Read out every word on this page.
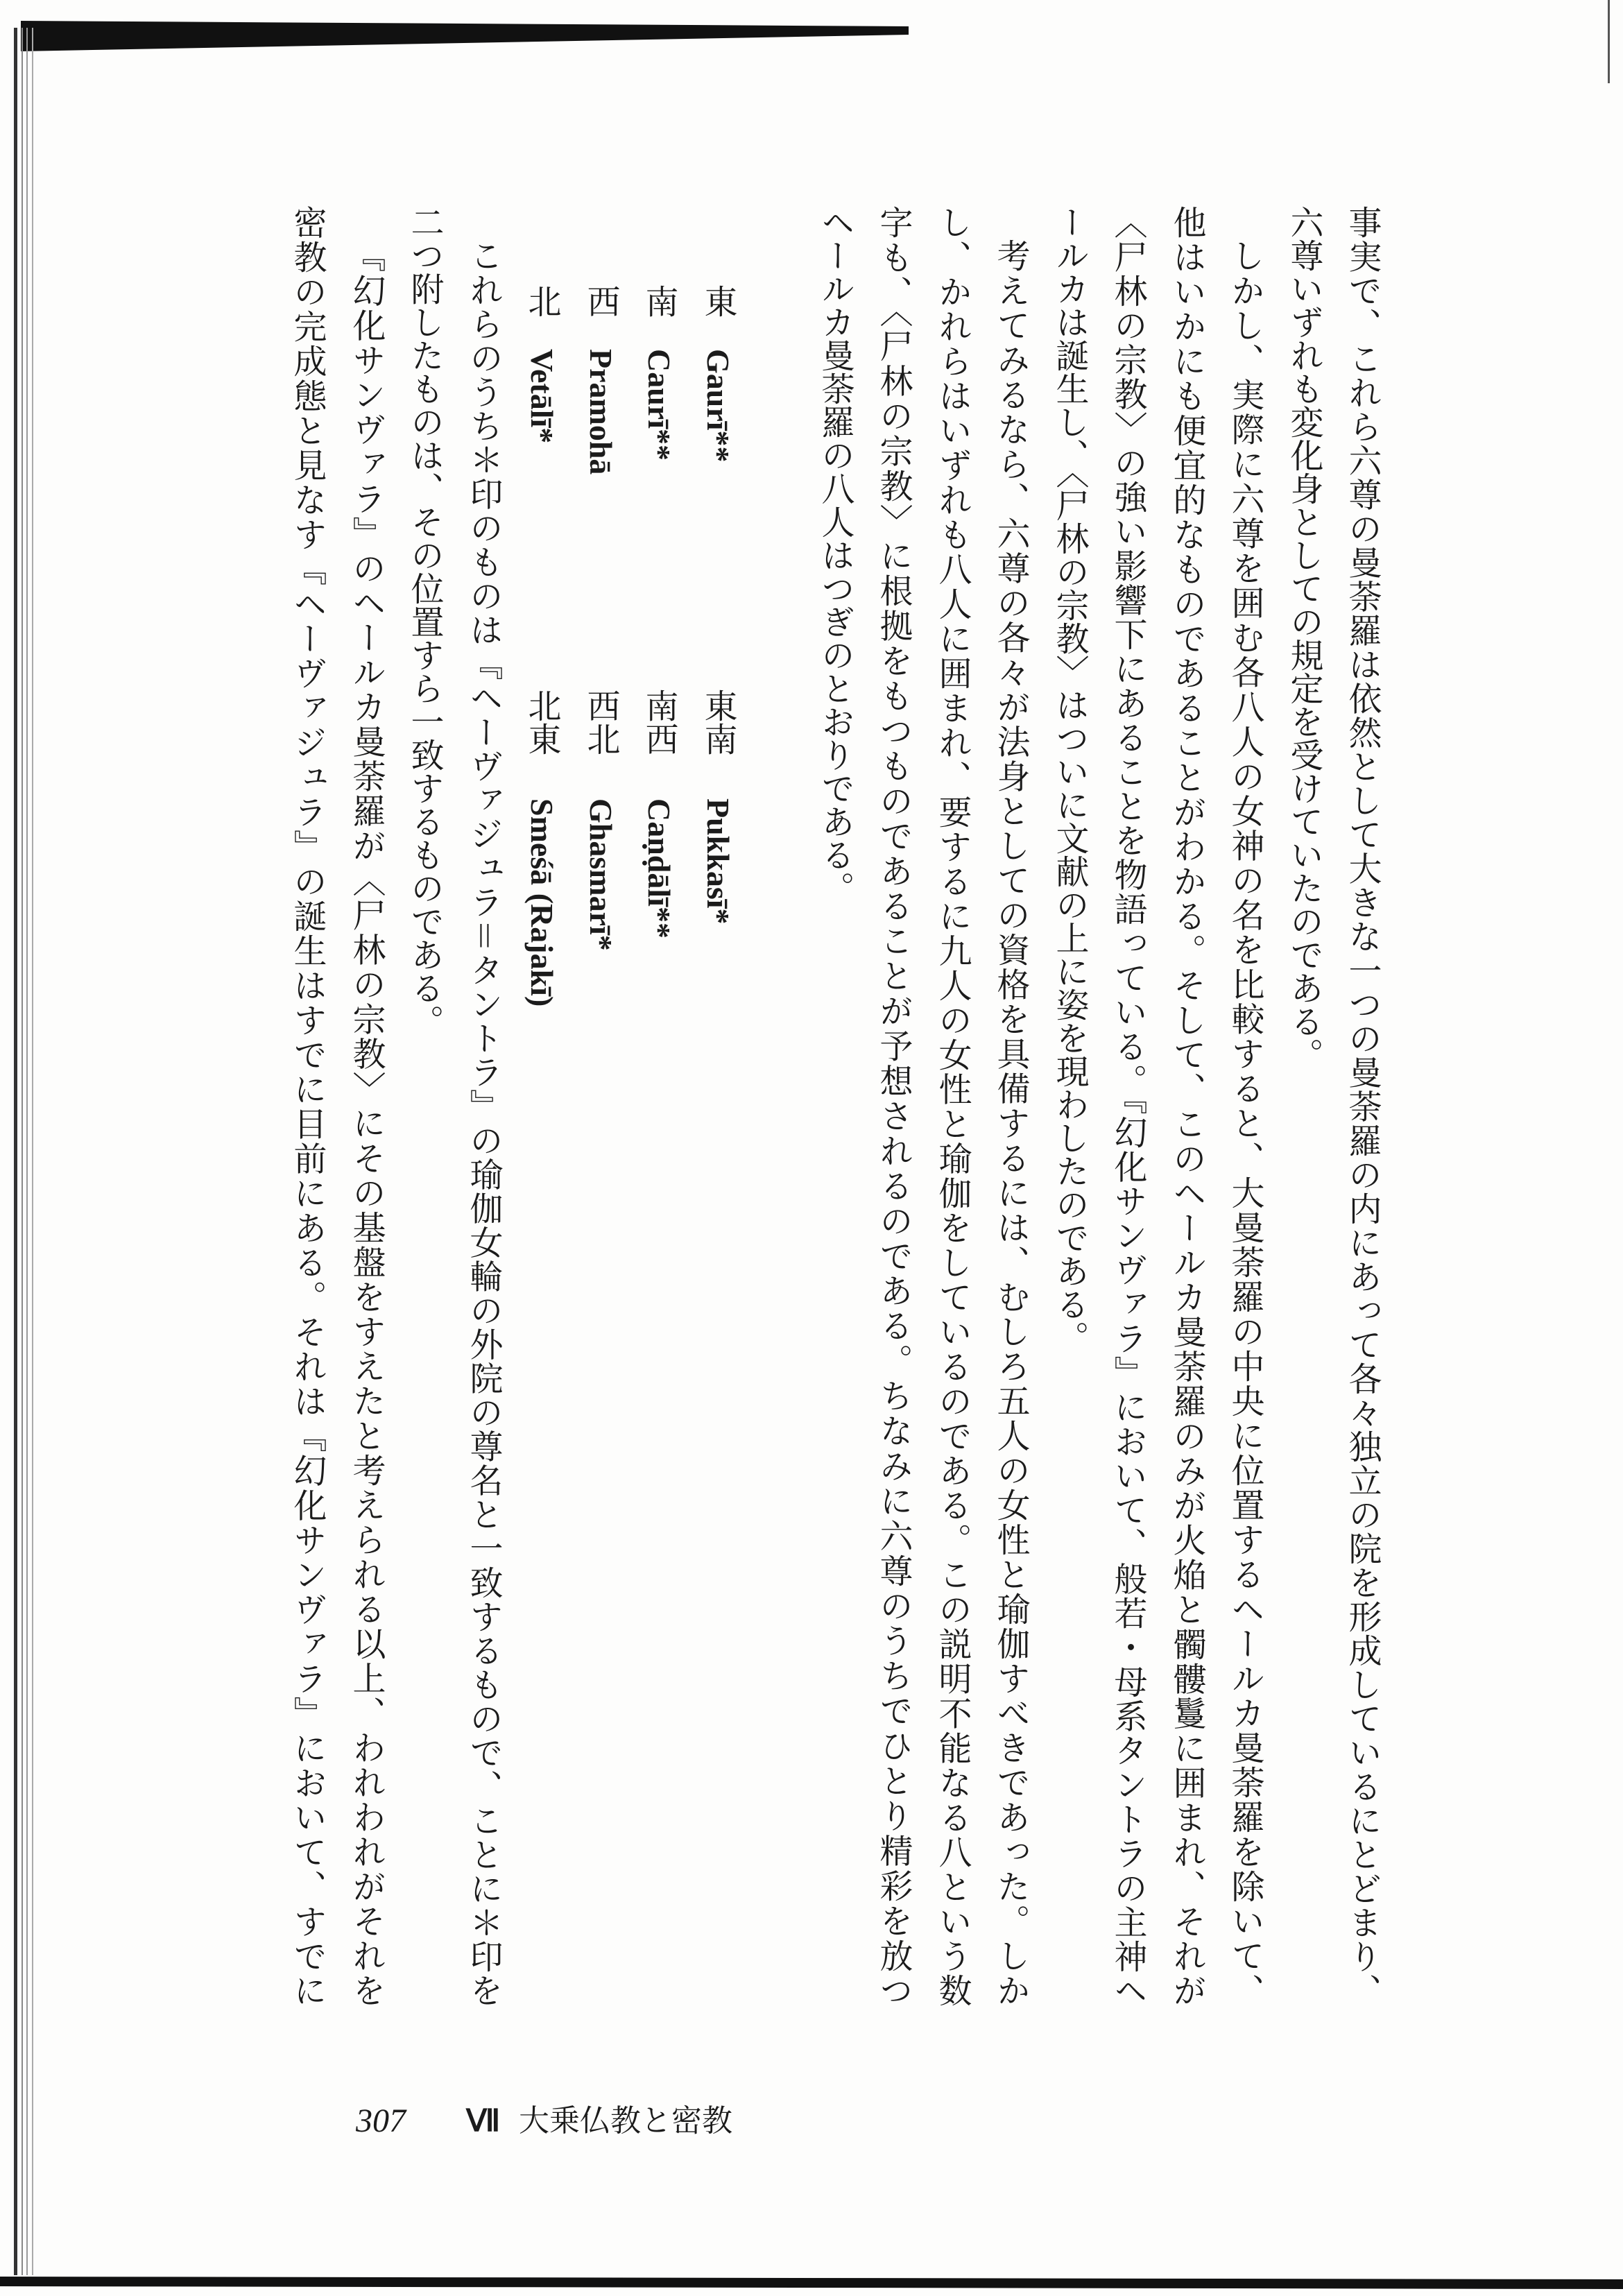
事実で、これら六尊の曼荼羅は依然として大きな一つの曼荼羅の内にあって各々独立の院を形成しているにとどまり、
六尊いずれも変化身としての規定を受けていたのである。
しかし、実際に六尊を囲む各八人の女神の名を比較すると、大曼荼羅の中央に位置するヘールカ曼荼羅を除いて、
他はいかにも便宜的なものであることがわかる。そして、このヘールカ曼荼羅のみが火焔と髑髏鬘に囲まれ、それが
〈尸林の宗教〉の強い影響下にあることを物語っている。『幻化サンヴァラ』において、般若・母系タントラの主神ヘ
ールカは誕生し、〈尸林の宗教〉はついに文献の上に姿を現わしたのである。
考えてみるなら、六尊の各々が法身としての資格を具備するには、むしろ五人の女性と瑜伽すべきであった。しか
し、かれらはいずれも八人に囲まれ、要するに九人の女性と瑜伽をしているのである。この説明不能なる八という数
字も、〈尸林の宗教〉に根拠をもつものであることが予想されるのである。ちなみに六尊のうちでひとり精彩を放つ
ヘールカ曼荼羅の八人はつぎのとおりである。
東
Gaurī**
東南
Pukkasī*
南
Caurī**
南西
Caṇḍālī**
西
Pramohā
西北
Ghasmarī*
北
Vetālī*
北東
Smeśā (Rajakī)
これらのうち＊印のものは『ヘーヴァジュラ＝タントラ』の瑜伽女輪の外院の尊名と一致するもので、ことに＊印を
二つ附したものは、その位置すら一致するものである。
『幻化サンヴァラ』のヘールカ曼荼羅が〈尸林の宗教〉にその基盤をすえたと考えられる以上、われわれがそれを
密教の完成態と見なす『ヘーヴァジュラ』の誕生はすでに目前にある。それは『幻化サンヴァラ』において、すでに
307 Ⅶ 大乗仏教と密教
